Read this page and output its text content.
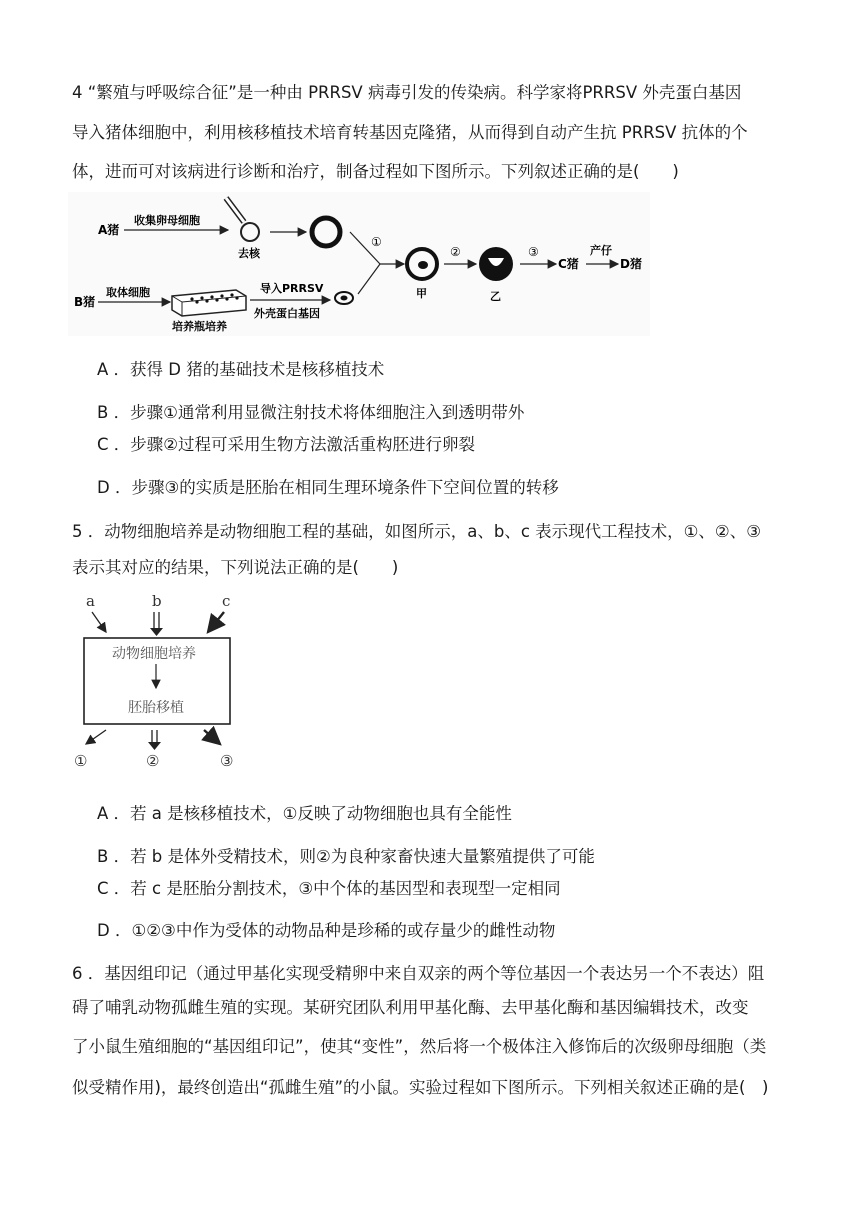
4 “繁殖与呼吸综合征”是一种由 PRRSV 病毒引发的传染病。科学家将PRRSV 外壳蛋白基因
导入猪体细胞中，利用核移植技术培育转基因克隆猪，从而得到自动产生抗 PRRSV 抗体的个
体，进而可对该病进行诊断和治疗，制备过程如下图所示。下列叙述正确的是(　　)
A猪
收集卵母细胞
去核
①
甲
②
乙
③
C猪
产仔
D猪
B猪
取体细胞
培养瓶培养
导入PRRSV
外壳蛋白基因
A ．获得 D 猪的基础技术是核移植技术
B ．步骤①通常利用显微注射技术将体细胞注入到透明带外
C ．步骤②过程可采用生物方法激活重构胚进行卵裂
D ．步骤③的实质是胚胎在相同生理环境条件下空间位置的转移
5 ．动物细胞培养是动物细胞工程的基础，如图所示，a、b、c 表示现代工程技术，①、②、③
表示其对应的结果，下列说法正确的是(　　)
a	b	c
动物细胞培养
胚胎移植
①	②	③
A ．若 a 是核移植技术，①反映了动物细胞也具有全能性
B ．若 b 是体外受精技术，则②为良种家畜快速大量繁殖提供了可能
C ．若 c 是胚胎分割技术，③中个体的基因型和表现型一定相同
D ．①②③中作为受体的动物品种是珍稀的或存量少的雌性动物
6 ．基因组印记（通过甲基化实现受精卵中来自双亲的两个等位基因一个表达另一个不表达）阻
碍了哺乳动物孤雌生殖的实现。某研究团队利用甲基化酶、去甲基化酶和基因编辑技术，改变
了小鼠生殖细胞的“基因组印记”，使其“变性”，然后将一个极体注入修饰后的次级卵母细胞（类
似受精作用)，最终创造出“孤雌生殖”的小鼠。实验过程如下图所示。下列相关叙述正确的是(　)
